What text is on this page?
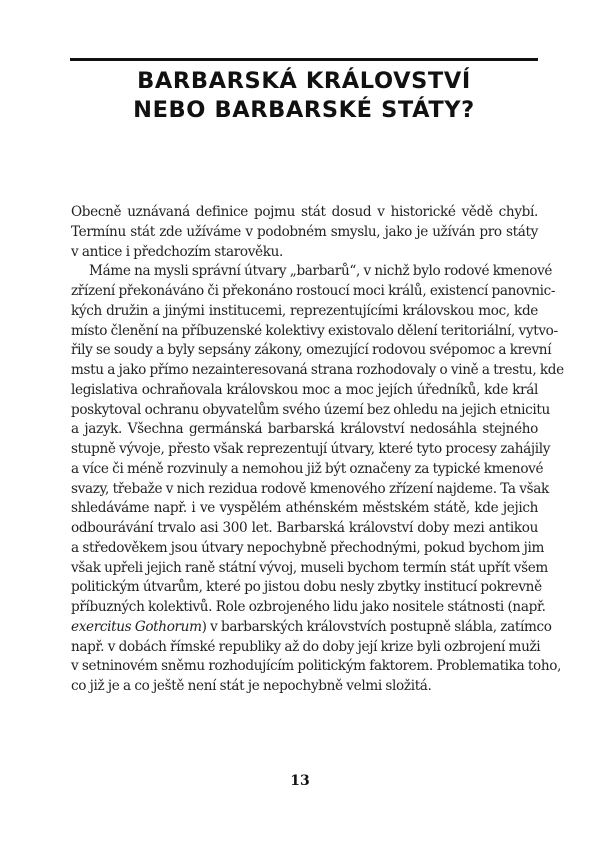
BARBARSKÁ KRÁLOVSTVÍ
NEBO BARBARSKÉ STÁTY?
Obecně uznávaná definice pojmu stát dosud v historické vědě chybí.
Termínu stát zde užíváme v podobném smyslu, jako je užíván pro státy
v antice i předchozím starověku.
Máme na mysli správní útvary „barbarů“, v nichž bylo rodové kmenové
zřízení překonáváno či překonáno rostoucí moci králů, existencí panovnic-
kých družin a jinými institucemi, reprezentujícími královskou moc, kde
místo členění na příbuzenské kolektivy existovalo dělení teritoriální, vytvo-
řily se soudy a byly sepsány zákony, omezující rodovou svépomoc a krevní
mstu a jako přímo nezainteresovaná strana rozhodovaly o vině a trestu, kde
legislativa ochraňovala královskou moc a moc jejích úředníků, kde král
poskytoval ochranu obyvatelům svého území bez ohledu na jejich etnicitu
a jazyk. Všechna germánská barbarská království nedosáhla stejného
stupně vývoje, přesto však reprezentují útvary, které tyto procesy zahájily
a více či méně rozvinuly a nemohou již být označeny za typické kmenové
svazy, třebaže v nich rezidua rodově kmenového zřízení najdeme. Ta však
shledáváme např. i ve vyspělém athénském městském státě, kde jejich
odbourávání trvalo asi 300 let. Barbarská království doby mezi antikou
a středověkem jsou útvary nepochybně přechodnými, pokud bychom jim
však upřeli jejich raně státní vývoj, museli bychom termín stát upřít všem
politickým útvarům, které po jistou dobu nesly zbytky institucí pokrevně
příbuzných kolektivů. Role ozbrojeného lidu jako nositele státnosti (např.
exercitus Gothorum) v barbarských královstvích postupně slábla, zatímco
např. v dobách římské republiky až do doby její krize byli ozbrojení muži
v setninovém sněmu rozhodujícím politickým faktorem. Problematika toho,
co již je a co ještě není stát je nepochybně velmi složitá.
13
